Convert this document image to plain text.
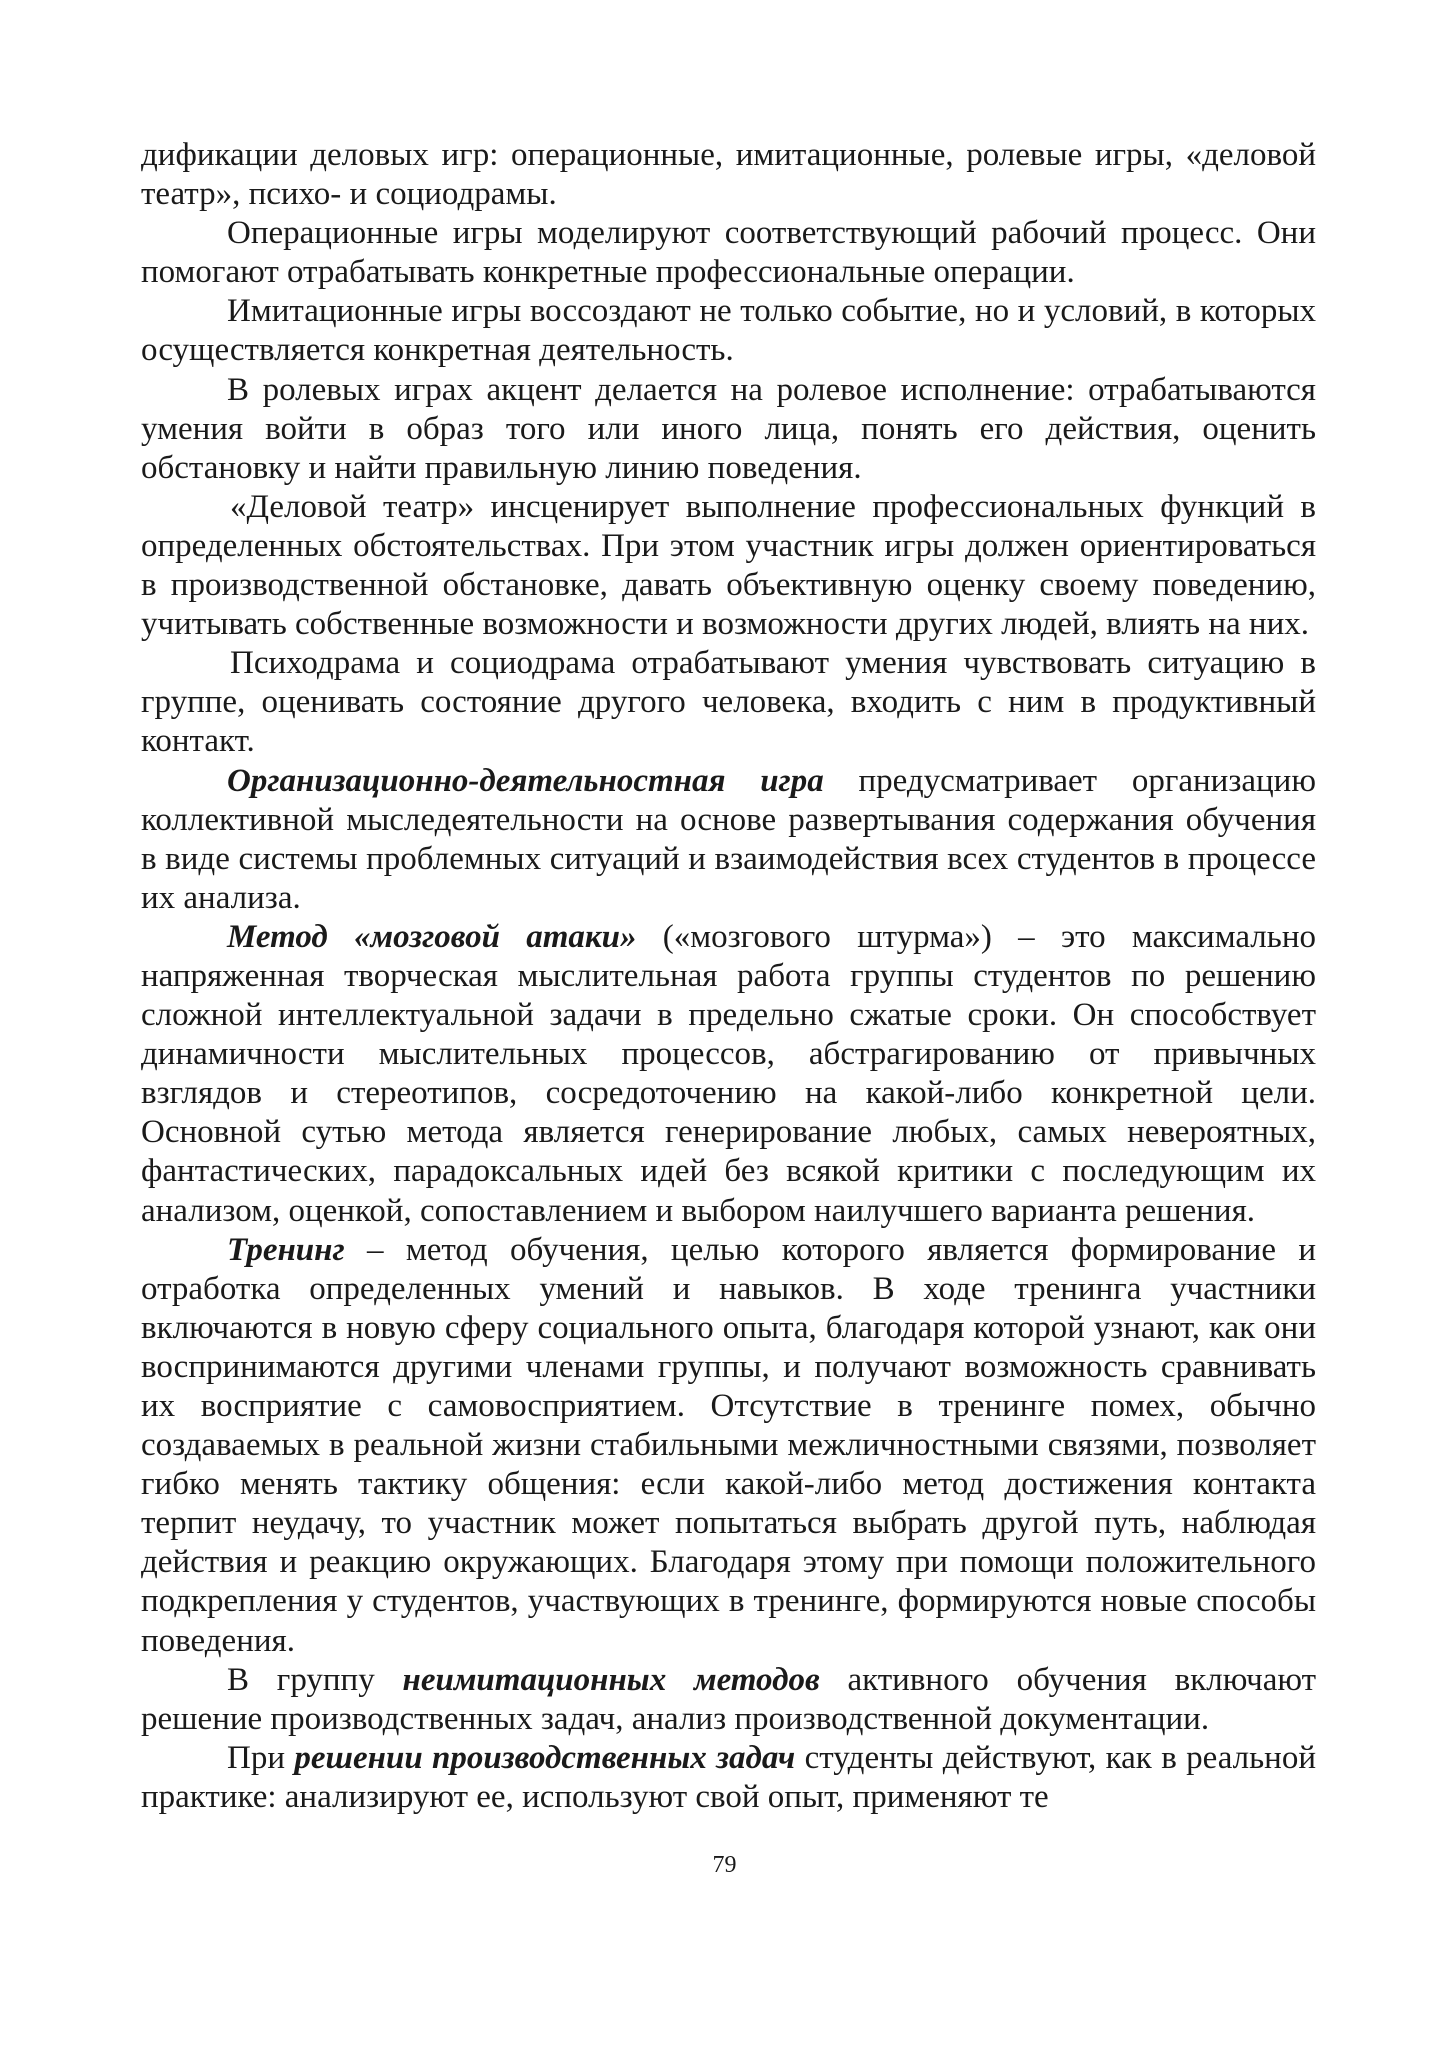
дификации деловых игр: операционные, имитационные, ролевые игры, «деловой театр», психо- и социодрамы.

Операционные игры моделируют соответствующий рабочий процесс. Они помогают отрабатывать конкретные профессиональные операции.

Имитационные игры воссоздают не только событие, но и условий, в которых осуществляется конкретная деятельность.

В ролевых играх акцент делается на ролевое исполнение: отрабатываются умения войти в образ того или иного лица, понять его действия, оценить обстановку и найти правильную линию поведения.

«Деловой театр» инсценирует выполнение профессиональных функций в определенных обстоятельствах. При этом участник игры должен ориентироваться в производственной обстановке, давать объективную оценку своему поведению, учитывать собственные возможности и возможности других людей, влиять на них.

Психодрама и социодрама отрабатывают умения чувствовать ситуацию в группе, оценивать состояние другого человека, входить с ним в продуктивный контакт.

Организационно-деятельностная игра предусматривает организацию коллективной мыследеятельности на основе развертывания содержания обучения в виде системы проблемных ситуаций и взаимодействия всех студентов в процессе их анализа.

Метод «мозговой атаки» («мозгового штурма») – это максимально напряженная творческая мыслительная работа группы студентов по решению сложной интеллектуальной задачи в предельно сжатые сроки. Он способствует динамичности мыслительных процессов, абстрагированию от привычных взглядов и стереотипов, сосредоточению на какой-либо конкретной цели. Основной сутью метода является генерирование любых, самых невероятных, фантастических, парадоксальных идей без всякой критики с последующим их анализом, оценкой, сопоставлением и выбором наилучшего варианта решения.

Тренинг – метод обучения, целью которого является формирование и отработка определенных умений и навыков. В ходе тренинга участники включаются в новую сферу социального опыта, благодаря которой узнают, как они воспринимаются другими членами группы, и получают возможность сравнивать их восприятие с самовосприятием. Отсутствие в тренинге помех, обычно создаваемых в реальной жизни стабильными межличностными связями, позволяет гибко менять тактику общения: если какой-либо метод достижения контакта терпит неудачу, то участник может попытаться выбрать другой путь, наблюдая действия и реакцию окружающих. Благодаря этому при помощи положительного подкрепления у студентов, участвующих в тренинге, формируются новые способы поведения.

В группу неимитационных методов активного обучения включают решение производственных задач, анализ производственной документации.

При решении производственных задач студенты действуют, как в реальной практике: анализируют ее, используют свой опыт, применяют те

79
